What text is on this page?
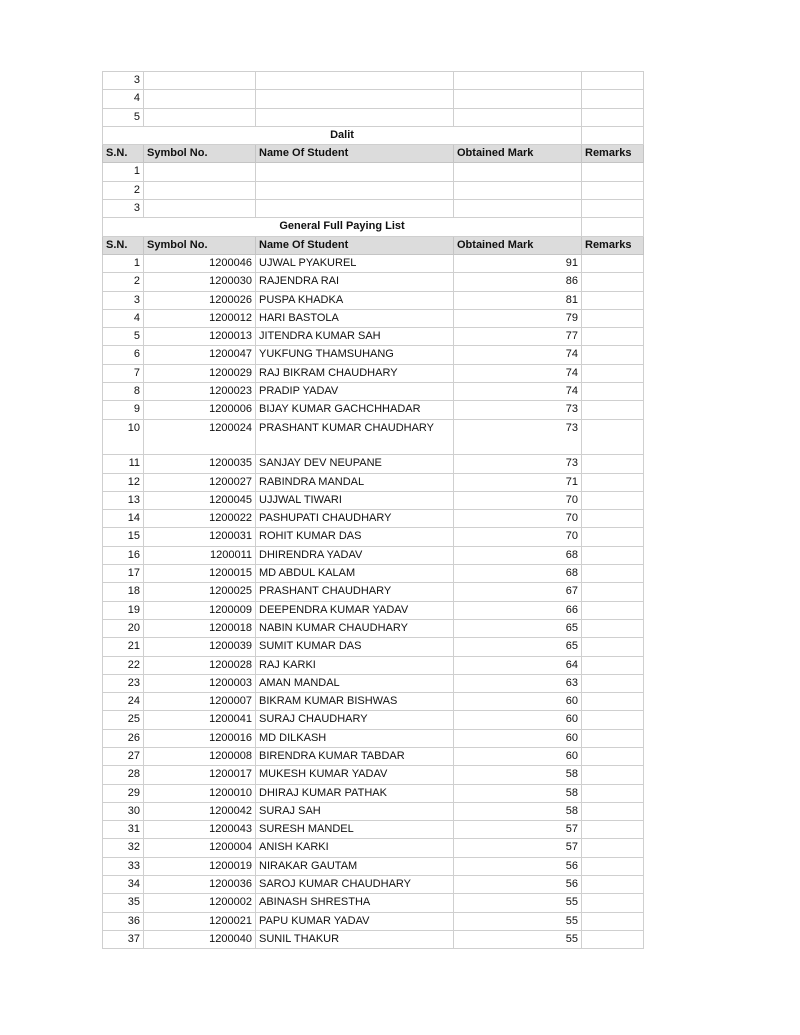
3				
4				
5				
Dalit				
S.N.	Symbol No.	Name Of Student	Obtained Mark	Remarks
1				
2				
3				
General Full Paying List				
S.N.	Symbol No.	Name Of Student	Obtained Mark	Remarks
1	1200046	UJWAL PYAKUREL	91	
2	1200030	RAJENDRA RAI	86	
3	1200026	PUSPA KHADKA	81	
4	1200012	HARI BASTOLA	79	
5	1200013	JITENDRA KUMAR SAH	77	
6	1200047	YUKFUNG THAMSUHANG	74	
7	1200029	RAJ BIKRAM CHAUDHARY	74	
8	1200023	PRADIP YADAV	74	
9	1200006	BIJAY KUMAR GACHCHHADAR	73	
10	1200024	PRASHANT KUMAR CHAUDHARY	73	
11	1200035	SANJAY DEV NEUPANE	73	
12	1200027	RABINDRA MANDAL	71	
13	1200045	UJJWAL TIWARI	70	
14	1200022	PASHUPATI CHAUDHARY	70	
15	1200031	ROHIT KUMAR DAS	70	
16	1200011	DHIRENDRA YADAV	68	
17	1200015	MD ABDUL KALAM	68	
18	1200025	PRASHANT CHAUDHARY	67	
19	1200009	DEEPENDRA KUMAR YADAV	66	
20	1200018	NABIN KUMAR CHAUDHARY	65	
21	1200039	SUMIT KUMAR DAS	65	
22	1200028	RAJ KARKI	64	
23	1200003	AMAN MANDAL	63	
24	1200007	BIKRAM KUMAR BISHWAS	60	
25	1200041	SURAJ CHAUDHARY	60	
26	1200016	MD DILKASH	60	
27	1200008	BIRENDRA KUMAR TABDAR	60	
28	1200017	MUKESH KUMAR YADAV	58	
29	1200010	DHIRAJ KUMAR PATHAK	58	
30	1200042	SURAJ SAH	58	
31	1200043	SURESH MANDEL	57	
32	1200004	ANISH KARKI	57	
33	1200019	NIRAKAR GAUTAM	56	
34	1200036	SAROJ KUMAR CHAUDHARY	56	
35	1200002	ABINASH SHRESTHA	55	
36	1200021	PAPU KUMAR YADAV	55	
37	1200040	SUNIL THAKUR	55	
